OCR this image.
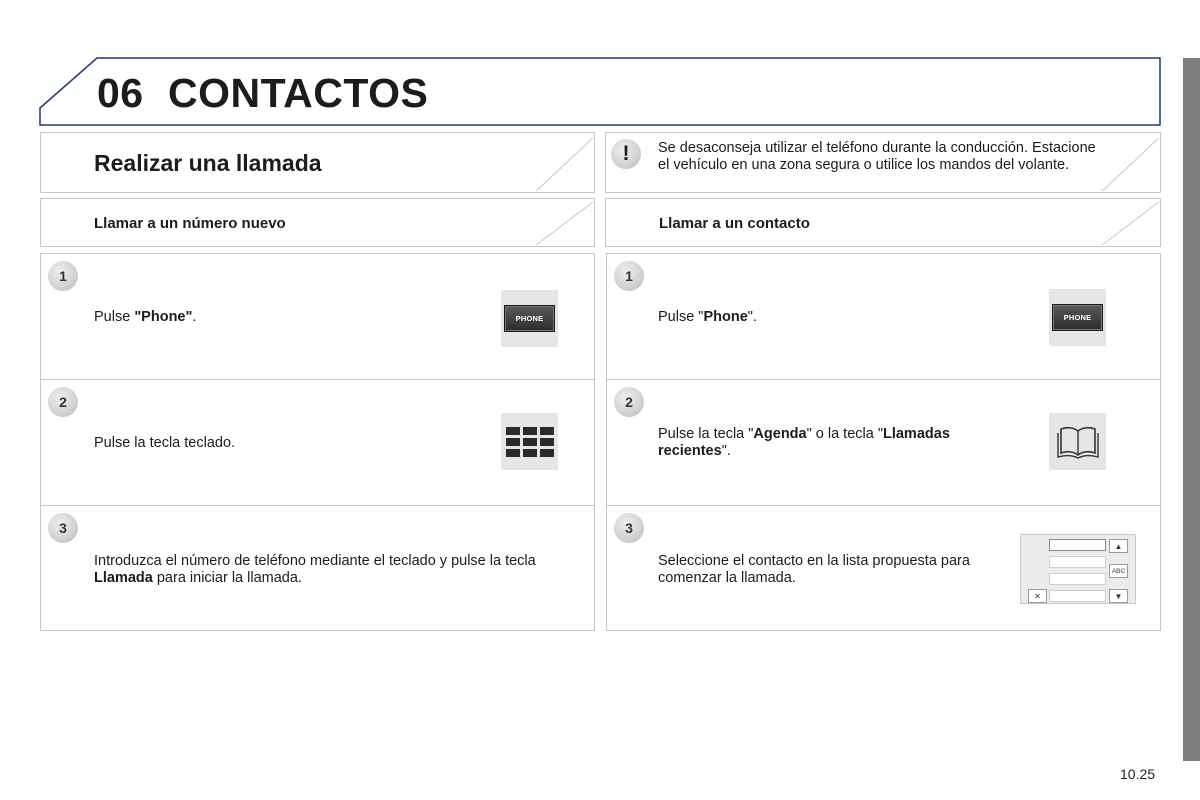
06 CONTACTOS
Realizar una llamada
Llamar a un número nuevo
1
Pulse "Phone".	PHONE
2
Pulse la tecla teclado.
3
Introduzca el número de teléfono mediante el teclado y pulse la tecla Llamada para iniciar la llamada.
!	Se desaconseja utilizar el teléfono durante la conducción. Estacione el vehículo en una zona segura o utilice los mandos del volante.
Llamar a un contacto
1
Pulse "Phone".	PHONE
2
Pulse la tecla "Agenda" o la tecla "Llamadas recientes".
3
Seleccione el contacto en la lista propuesta para comenzar la llamada.
▲
ABC
▼
✕
10.25
